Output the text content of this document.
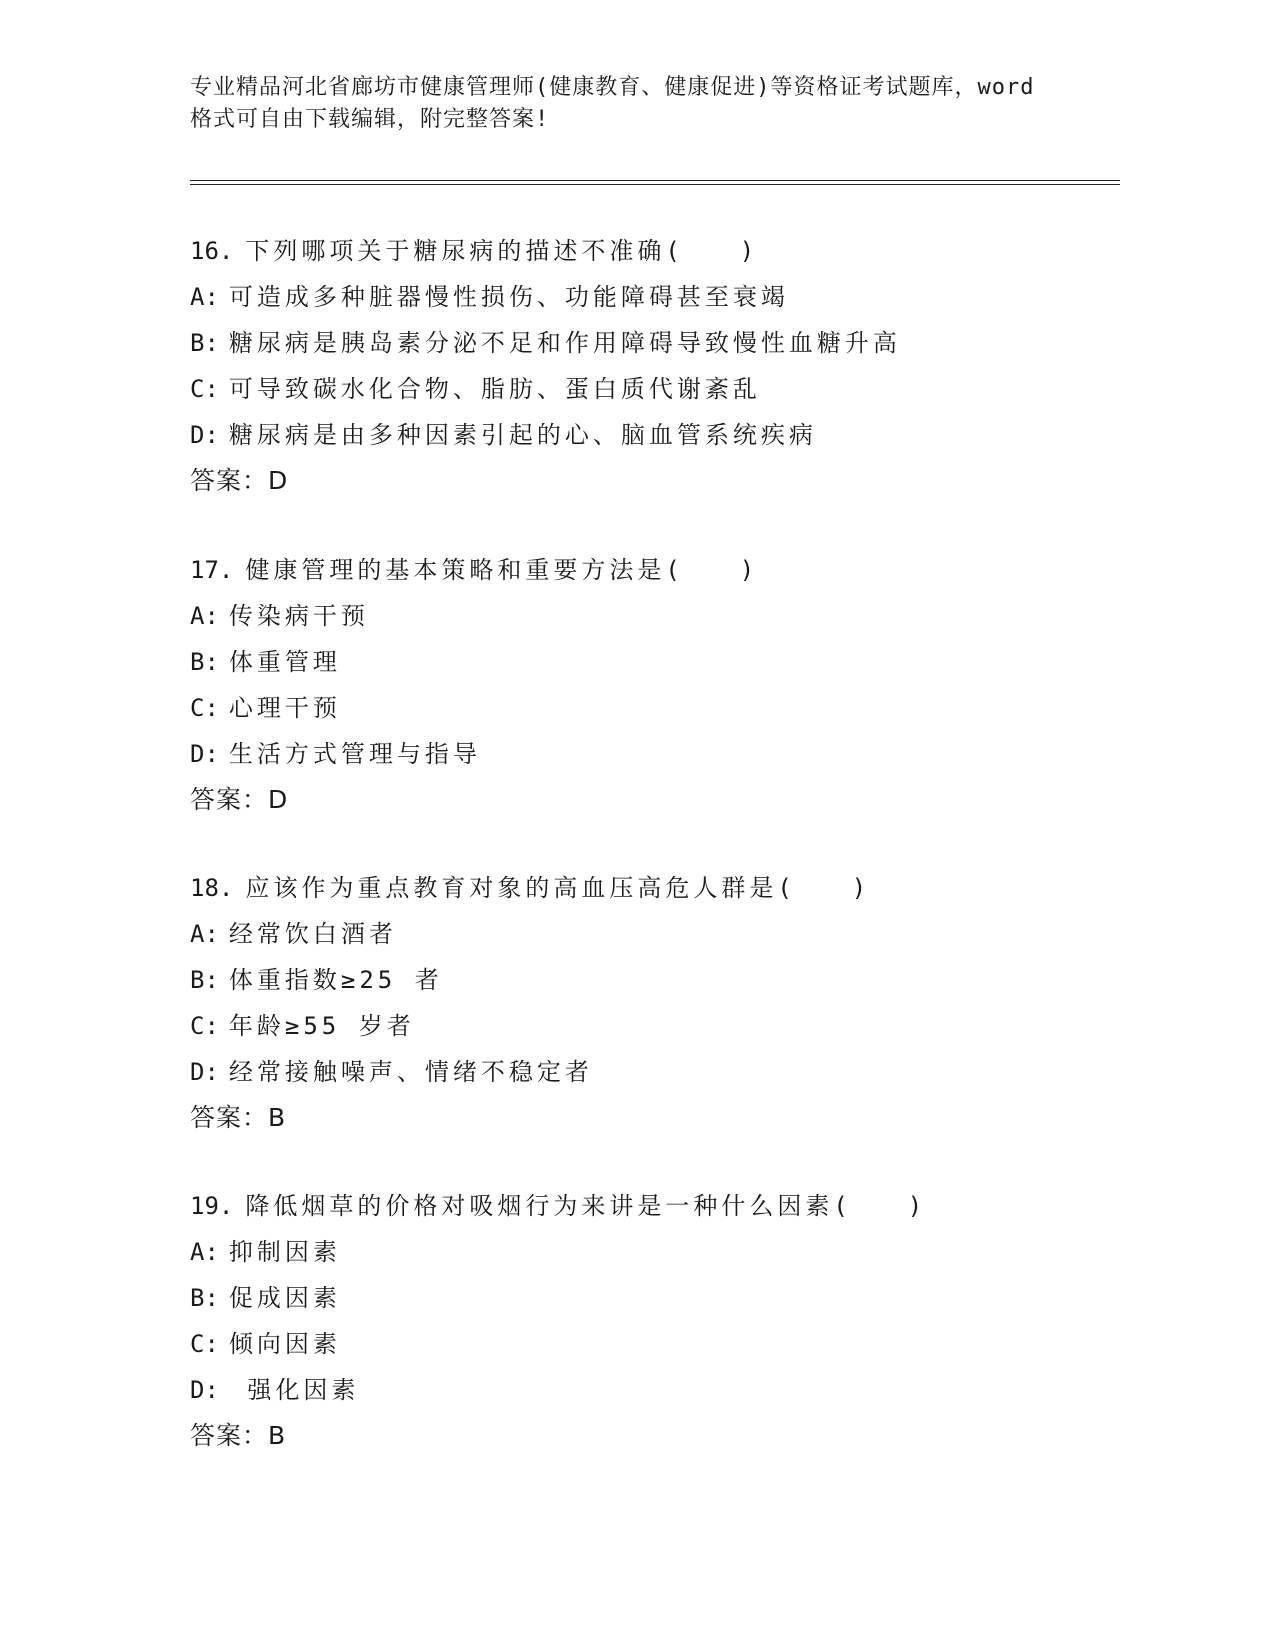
专业精品河北省廊坊市健康管理师(健康教育、健康促进)等资格证考试题库，word
格式可自由下载编辑，附完整答案!
16. 下列哪项关于糖尿病的描述不准确(　　)
A: 可造成多种脏器慢性损伤、功能障碍甚至衰竭
B: 糖尿病是胰岛素分泌不足和作用障碍导致慢性血糖升高
C: 可导致碳水化合物、脂肪、蛋白质代谢紊乱
D: 糖尿病是由多种因素引起的心、脑血管系统疾病
答案：D
17. 健康管理的基本策略和重要方法是(　　)
A: 传染病干预
B: 体重管理
C: 心理干预
D: 生活方式管理与指导
答案：D
18. 应该作为重点教育对象的高血压高危人群是(　　)
A: 经常饮白酒者
B: 体重指数≥25 者
C: 年龄≥55 岁者
D: 经常接触噪声、情绪不稳定者
答案：B
19. 降低烟草的价格对吸烟行为来讲是一种什么因素(　　)
A: 抑制因素
B: 促成因素
C: 倾向因素
D: 强化因素
答案：B
